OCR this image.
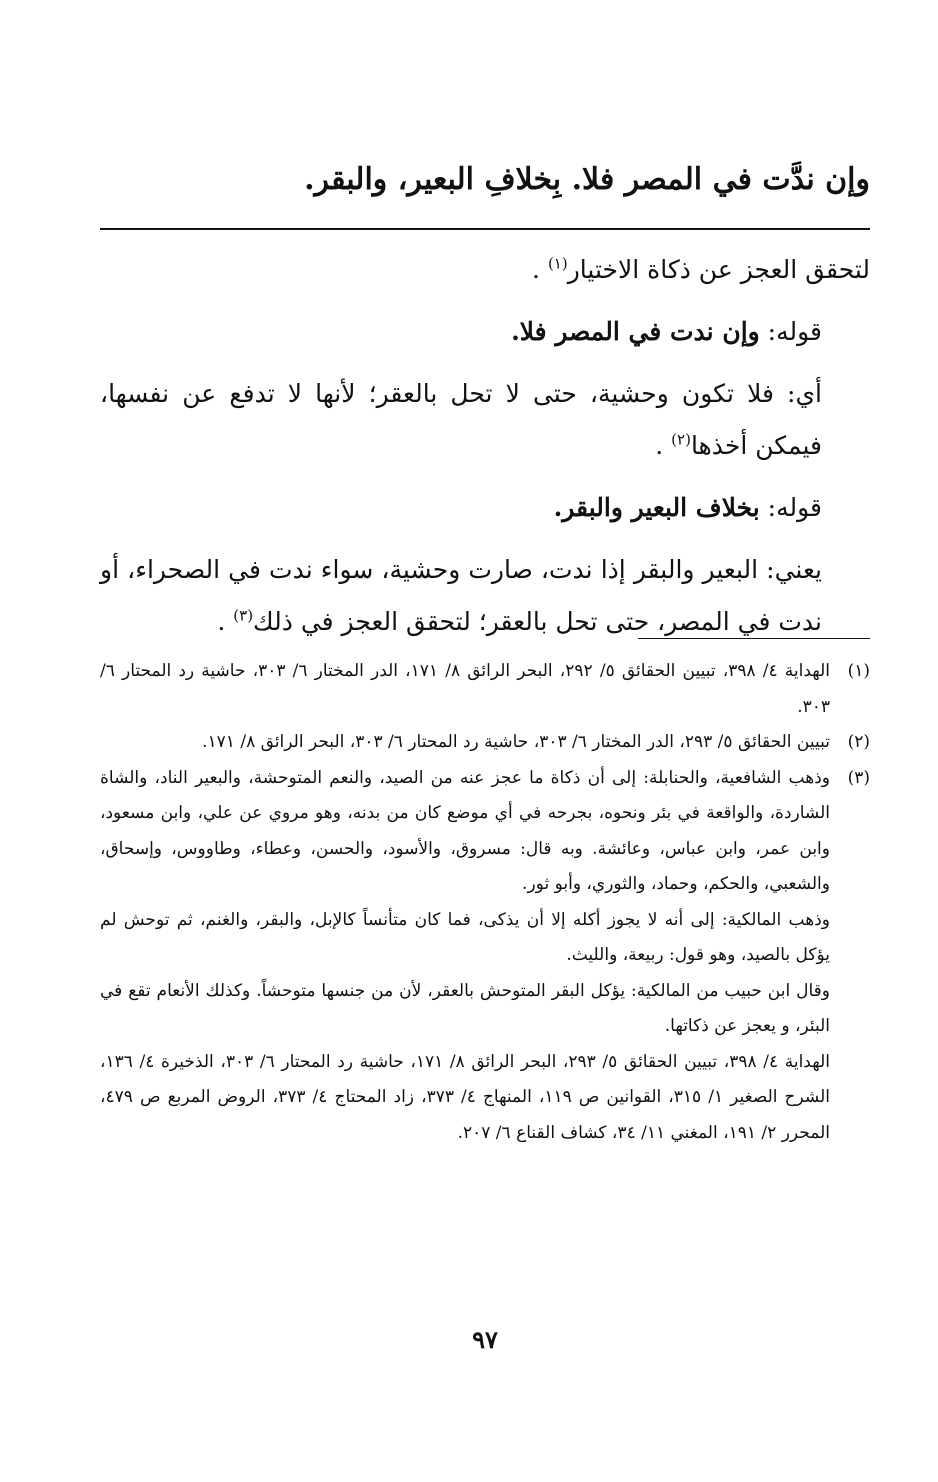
وإن ندَّت في المصر فلا. بِخلافِ البعير، والبقر.

لتحقق العجز عن ذكاة الاختيار$^{(١)}$ .

قوله: وإن ندت في المصر فلا.

أي: فلا تكون وحشية، حتى لا تحل بالعقر؛ لأنها لا تدفع عن نفسها، فيمكن أخذها$^{(٢)}$ .

قوله: بخلاف البعير والبقر.

يعني: البعير والبقر إذا ندت، صارت وحشية، سواء ندت في الصحراء، أو ندت في المصر، حتى تحل بالعقر؛ لتحقق العجز في ذلك$^{(٣)}$ .

(١)

الهداية ٤/ ٣٩٨، تبيين الحقائق ٥/ ٢٩٢، البحر الرائق ٨/ ١٧١، الدر المختار ٦/ ٣٠٣، حاشية رد المحتار ٦/ ٣٠٣.

(٢)

تبيين الحقائق ٥/ ٢٩٣، الدر المختار ٦/ ٣٠٣، حاشية رد المحتار ٦/ ٣٠٣، البحر الرائق ٨/ ١٧١.

(٣)

وذهب الشافعية، والحنابلة: إلى أن ذكاة ما عجز عنه من الصيد، والنعم المتوحشة، والبعير الناد، والشاة الشاردة، والواقعة في بئر ونحوه، بجرحه في أي موضع كان من بدنه، وهو مروي عن علي، وابن مسعود، وابن عمر، وابن عباس، وعائشة. وبه قال: مسروق، والأسود، والحسن، وعطاء، وطاووس، وإسحاق، والشعبي، والحكم، وحماد، والثوري، وأبو ثور.

وذهب المالكية: إلى أنه لا يجوز أكله إلا أن يذكى، فما كان متأنساً كالإبل، والبقر، والغنم، ثم توحش لم يؤكل بالصيد، وهو قول: ربيعة، والليث.

وقال ابن حبيب من المالكية: يؤكل البقر المتوحش بالعقر، لأن من جنسها متوحشاً. وكذلك الأنعام تقع في البئر، و يعجز عن ذكاتها.

الهداية ٤/ ٣٩٨، تبيين الحقائق ٥/ ٢٩٣، البحر الرائق ٨/ ١٧١، حاشية رد المحتار ٦/ ٣٠٣، الذخيرة ٤/ ١٣٦، الشرح الصغير ١/ ٣١٥، القوانين ص ١١٩، المنهاج ٤/ ٣٧٣، زاد المحتاج ٤/ ٣٧٣، الروض المربع ص ٤٧٩، المحرر ٢/ ١٩١، المغني ١١/ ٣٤، كشاف القناع ٦/ ٢٠٧.

٩٧
